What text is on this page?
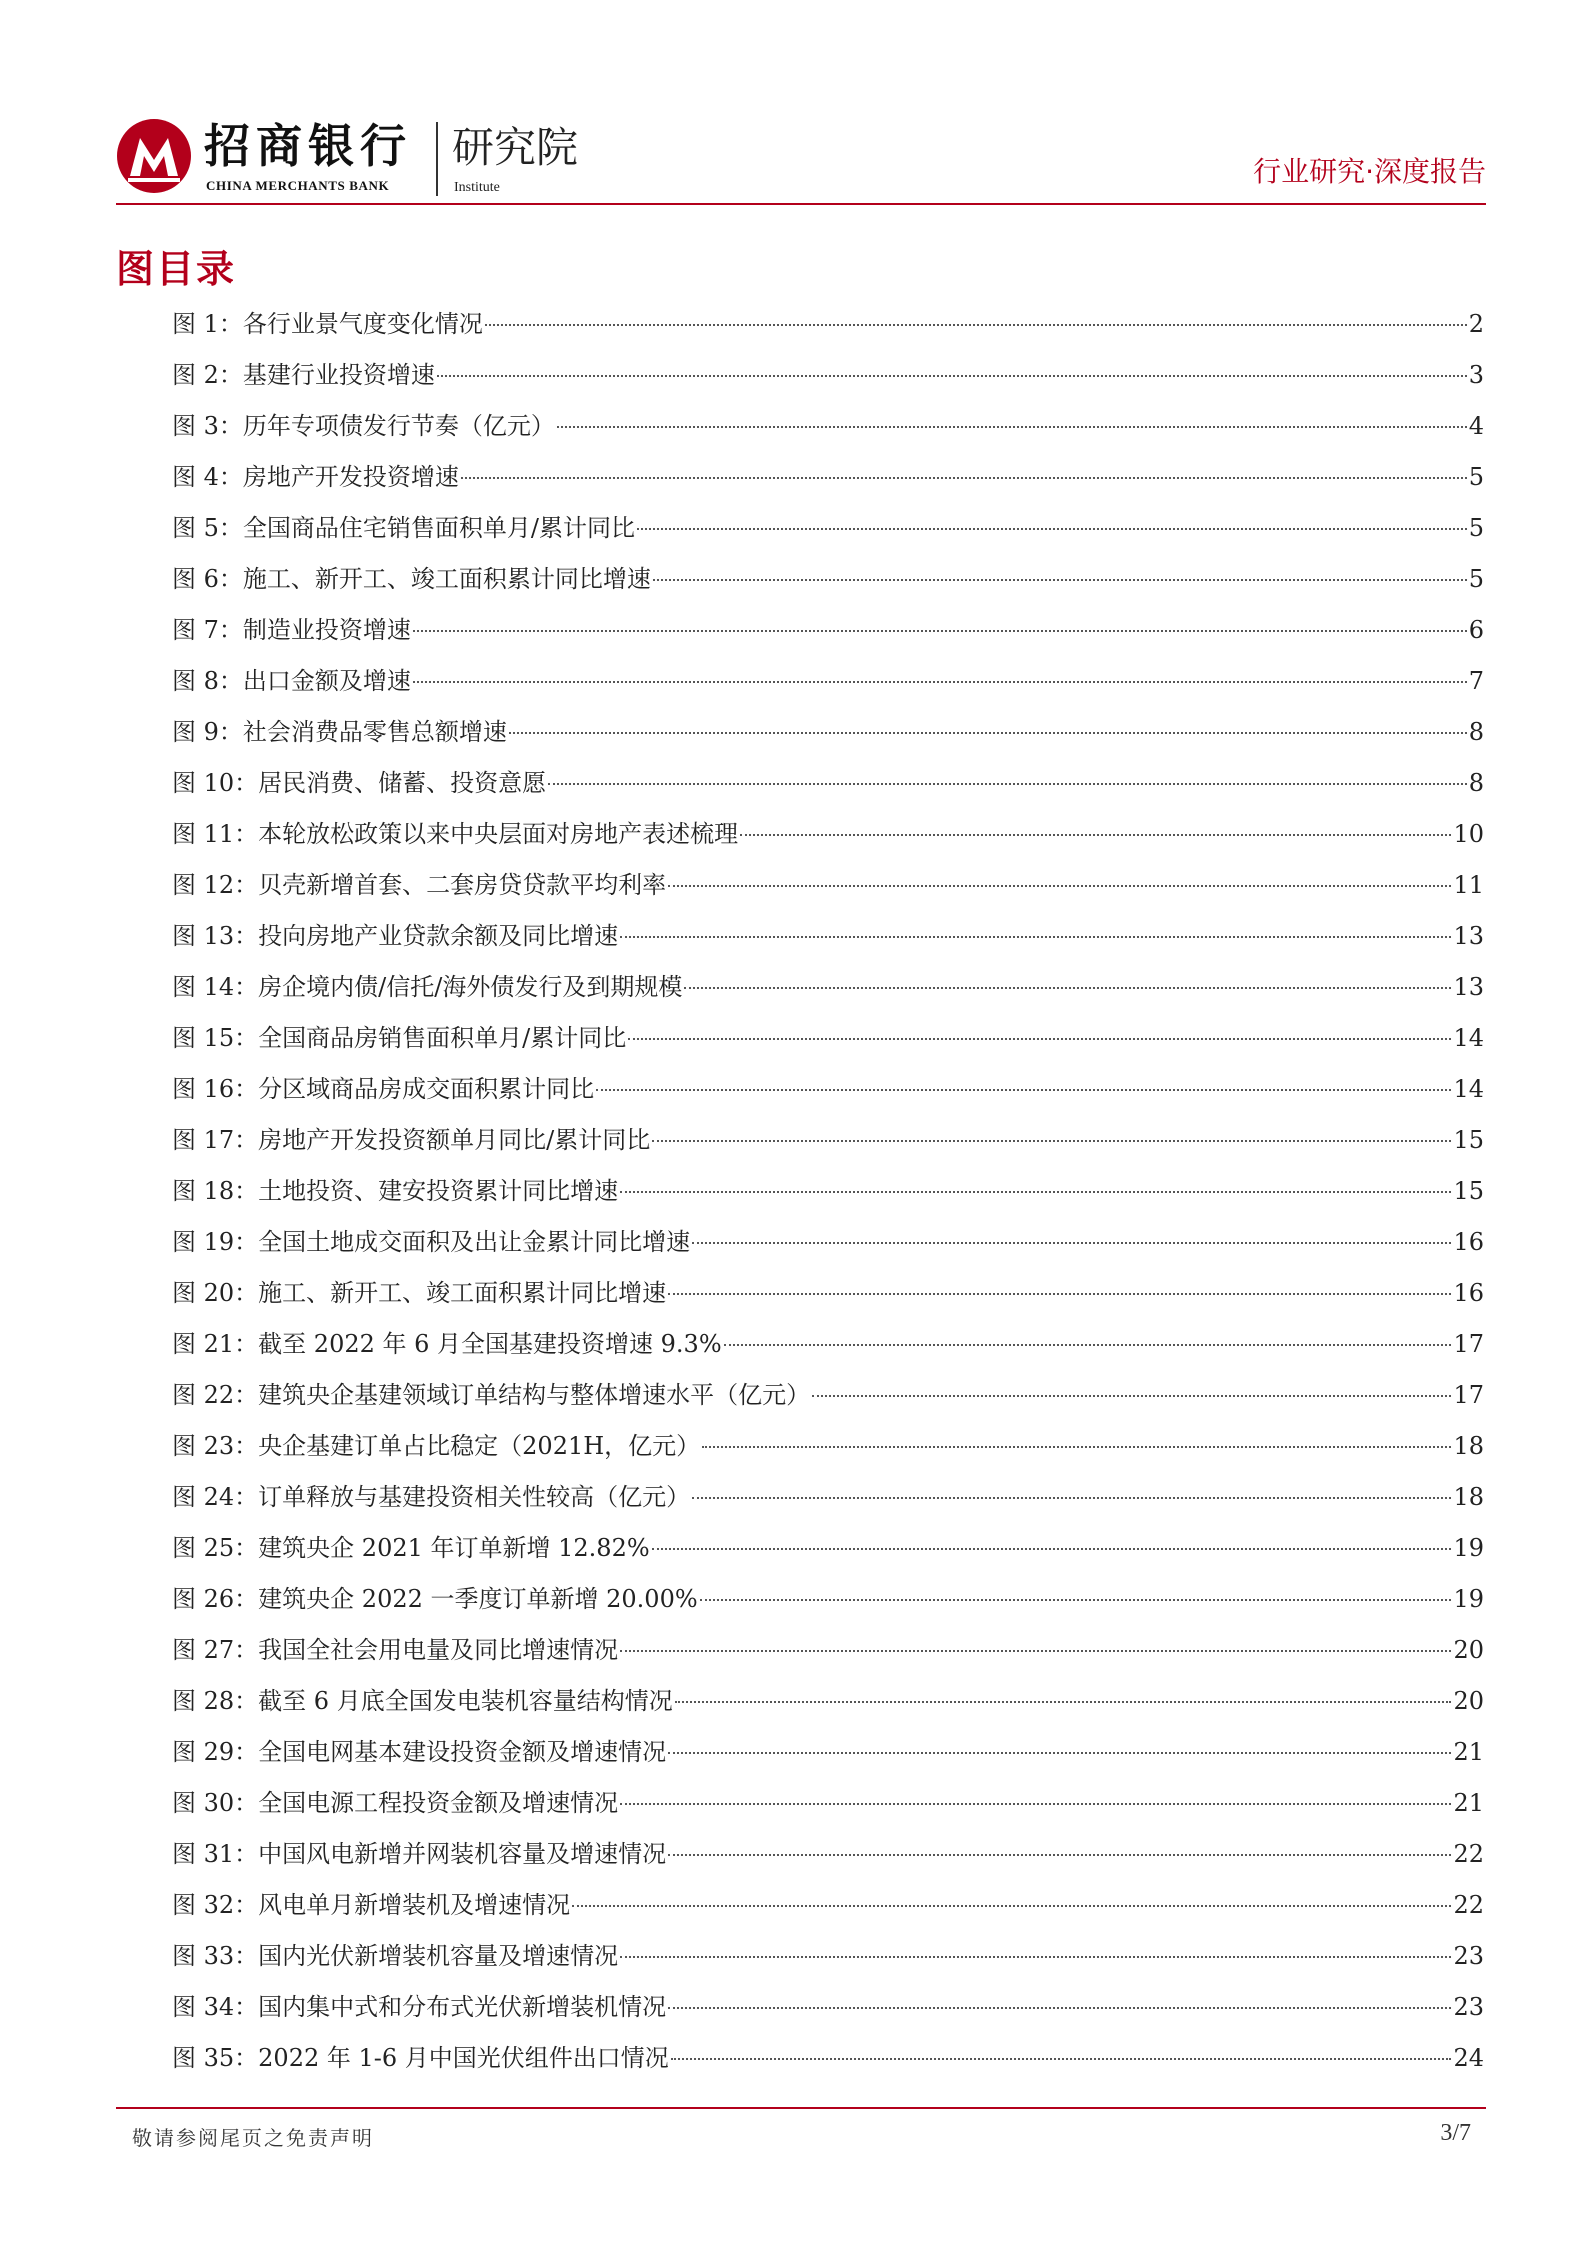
招商银行
CHINA MERCHANTS BANK
研究院
Institute	行业研究·深度报告
图目录
图 1：各行业景气度变化情况	2
图 2：基建行业投资增速	3
图 3：历年专项债发行节奏（亿元）	4
图 4：房地产开发投资增速	5
图 5：全国商品住宅销售面积单月/累计同比	5
图 6：施工、新开工、竣工面积累计同比增速	5
图 7：制造业投资增速	6
图 8：出口金额及增速	7
图 9：社会消费品零售总额增速	8
图 10：居民消费、储蓄、投资意愿	8
图 11：本轮放松政策以来中央层面对房地产表述梳理	10
图 12：贝壳新增首套、二套房贷贷款平均利率	11
图 13：投向房地产业贷款余额及同比增速	13
图 14：房企境内债/信托/海外债发行及到期规模	13
图 15：全国商品房销售面积单月/累计同比	14
图 16：分区域商品房成交面积累计同比	14
图 17：房地产开发投资额单月同比/累计同比	15
图 18：土地投资、建安投资累计同比增速	15
图 19：全国土地成交面积及出让金累计同比增速	16
图 20：施工、新开工、竣工面积累计同比增速	16
图 21：截至 2022 年 6 月全国基建投资增速 9.3%	17
图 22：建筑央企基建领域订单结构与整体增速水平（亿元）	17
图 23：央企基建订单占比稳定（2021H，亿元）	18
图 24：订单释放与基建投资相关性较高（亿元）	18
图 25：建筑央企 2021 年订单新增 12.82%	19
图 26：建筑央企 2022 一季度订单新增 20.00%	19
图 27：我国全社会用电量及同比增速情况	20
图 28：截至 6 月底全国发电装机容量结构情况	20
图 29：全国电网基本建设投资金额及增速情况	21
图 30：全国电源工程投资金额及增速情况	21
图 31：中国风电新增并网装机容量及增速情况	22
图 32：风电单月新增装机及增速情况	22
图 33：国内光伏新增装机容量及增速情况	23
图 34：国内集中式和分布式光伏新增装机情况	23
图 35：2022 年 1-6 月中国光伏组件出口情况	24
敬请参阅尾页之免责声明	3/7
